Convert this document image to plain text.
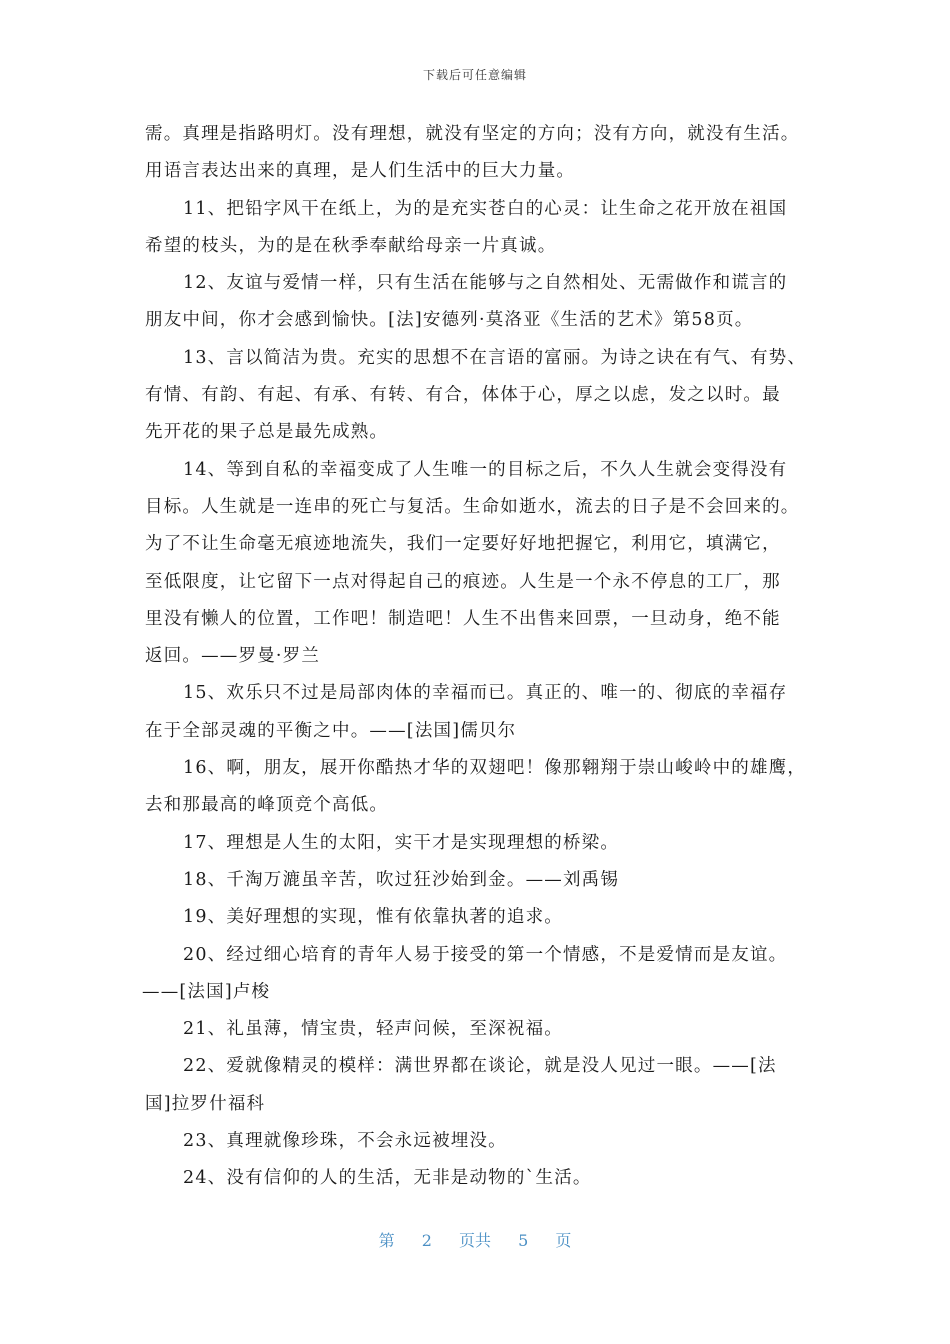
下载后可任意编辑
需。真理是指路明灯。没有理想，就没有坚定的方向；没有方向，就没有生活。
用语言表达出来的真理，是人们生活中的巨大力量。
11、把铅字风干在纸上，为的是充实苍白的心灵：让生命之花开放在祖国
希望的枝头，为的是在秋季奉献给母亲一片真诚。
12、友谊与爱情一样，只有生活在能够与之自然相处、无需做作和谎言的
朋友中间，你才会感到愉快。[法]安德列·莫洛亚《生活的艺术》第58页。
13、言以简洁为贵。充实的思想不在言语的富丽。为诗之诀在有气、有势、
有情、有韵、有起、有承、有转、有合，体体于心，厚之以虑，发之以时。最
先开花的果子总是最先成熟。
14、等到自私的幸福变成了人生唯一的目标之后，不久人生就会变得没有
目标。人生就是一连串的死亡与复活。生命如逝水，流去的日子是不会回来的。
为了不让生命毫无痕迹地流失，我们一定要好好地把握它，利用它，填满它，
至低限度，让它留下一点对得起自己的痕迹。人生是一个永不停息的工厂，那
里没有懒人的位置，工作吧！制造吧！人生不出售来回票，一旦动身，绝不能
返回。——罗曼·罗兰
15、欢乐只不过是局部肉体的幸福而已。真正的、唯一的、彻底的幸福存
在于全部灵魂的平衡之中。——[法国]儒贝尔
16、啊，朋友，展开你酷热才华的双翅吧！像那翱翔于崇山峻岭中的雄鹰，
去和那最高的峰顶竞个高低。
17、理想是人生的太阳，实干才是实现理想的桥梁。
18、千淘万漉虽辛苦，吹过狂沙始到金。——刘禹锡
19、美好理想的实现，惟有依靠执著的追求。
20、经过细心培育的青年人易于接受的第一个情感，不是爱情而是友谊。
——[法国]卢梭
21、礼虽薄，情宝贵，轻声问候，至深祝福。
22、爱就像精灵的模样：满世界都在谈论，就是没人见过一眼。——[法
国]拉罗什福科
23、真理就像珍珠，不会永远被埋没。
24、没有信仰的人的生活，无非是动物的`生活。
第 2 页共 5 页
